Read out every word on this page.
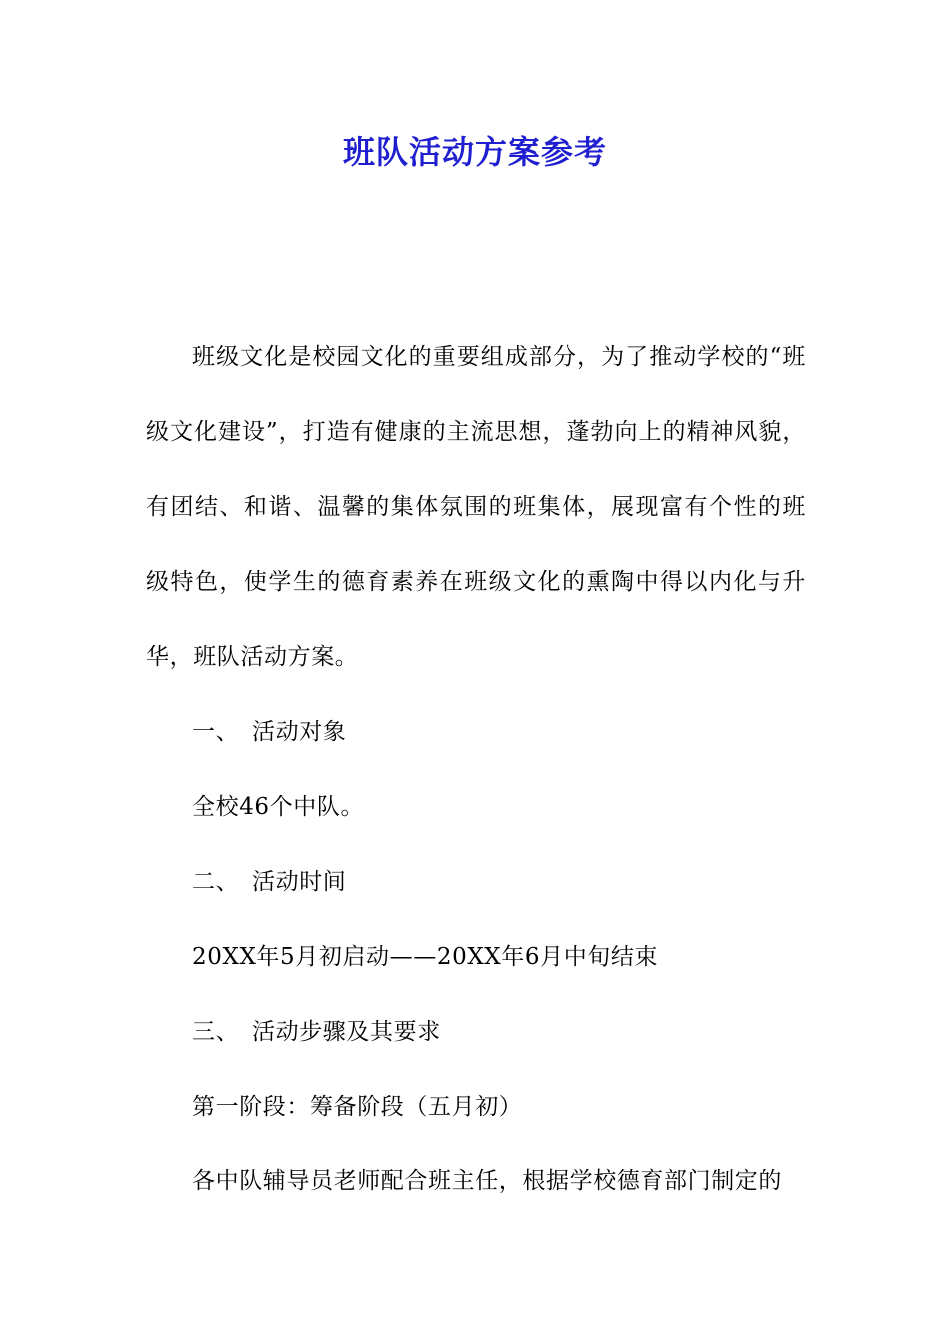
班队活动方案参考
班级文化是校园文化的重要组成部分，为了推动学校的“班级文化建设”，打造有健康的主流思想，蓬勃向上的精神风貌，有团结、和谐、温馨的集体氛围的班集体，展现富有个性的班级特色，使学生的德育素养在班级文化的熏陶中得以内化与升华，班队活动方案。
一、 活动对象
全校46个中队。
二、 活动时间
20XX年5月初启动——20XX年6月中旬结束
三、 活动步骤及其要求
第一阶段：筹备阶段（五月初）
各中队辅导员老师配合班主任，根据学校德育部门制定的
